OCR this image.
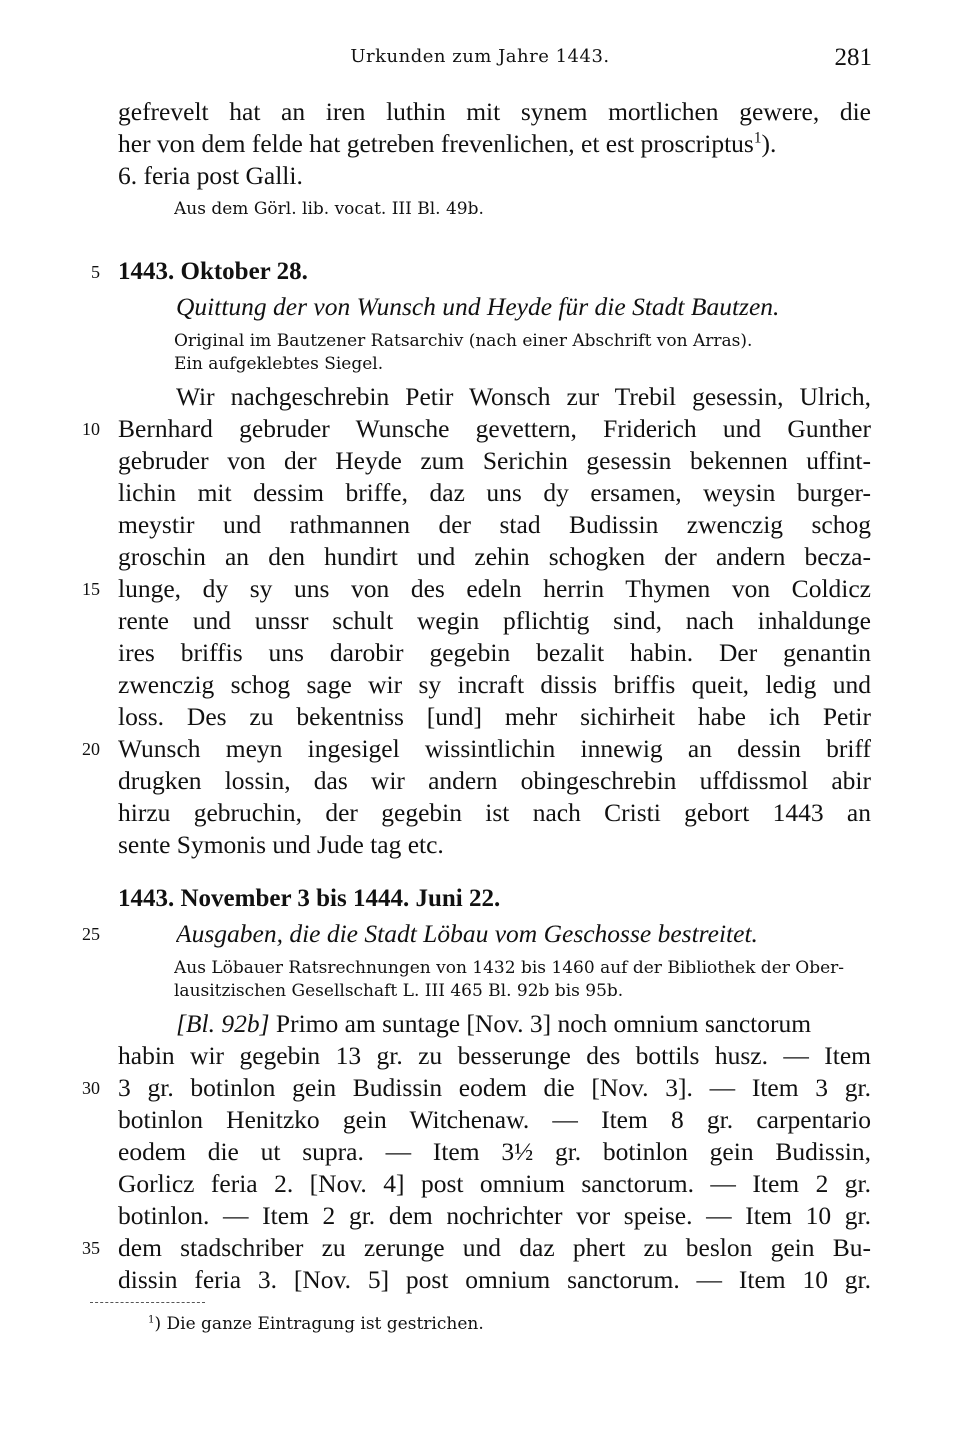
Urkunden zum Jahre 1443.	281
gefrevelt hat an iren luthin mit synem mortlichen gewere, die
her von dem felde hat getreben frevenlichen, et est proscriptus$^1$).
6. feria post Galli.
Aus dem Görl. lib. vocat. III Bl. 49b.
5 1443. Oktober 28.
Quittung der von Wunsch und Heyde für die Stadt Bautzen.
Original im Bautzener Ratsarchiv (nach einer Abschrift von Arras).
Ein aufgeklebtes Siegel.
Wir nachgeschrebin Petir Wonsch zur Trebil gesessin, Ulrich,
10 Bernhard gebruder Wunsche gevettern, Friderich und Gunther
gebruder von der Heyde zum Serichin gesessin bekennen uffint-
lichin mit dessim briffe, daz uns dy ersamen, weysin burger-
meystir und rathmannen der stad Budissin zwenczig schog
groschin an den hundirt und zehin schogken der andern becza-
15 lunge, dy sy uns von des edeln herrin Thymen von Coldicz
rente und unssr schult wegin pflichtig sind, nach inhaldunge
ires briffis uns darobir gegebin bezalit habin. Der genantin
zwenczig schog sage wir sy incraft dissis briffis queit, ledig und
loss. Des zu bekentniss [und] mehr sichirheit habe ich Petir
20 Wunsch meyn ingesigel wissintlichin innewig an dessin briff
drugken lossin, das wir andern obingeschrebin uffdissmol abir
hirzu gebruchin, der gegebin ist nach Cristi gebort 1443 an
sente Symonis und Jude tag etc.
1443. November 3 bis 1444. Juni 22.
25	Ausgaben, die die Stadt Löbau vom Geschosse bestreitet.
Aus Löbauer Ratsrechnungen von 1432 bis 1460 auf der Bibliothek der Ober-
lausitzischen Gesellschaft L. III 465 Bl. 92b bis 95b.
[Bl. 92b] Primo am suntage [Nov. 3] noch omnium sanctorum
habin wir gegebin 13 gr. zu besserunge des bottils husz. — Item
30 3 gr. botinlon gein Budissin eodem die [Nov. 3]. — Item 3 gr.
botinlon Henitzko gein Witchenaw. — Item 8 gr. carpentario
eodem die ut supra. — Item 3½ gr. botinlon gein Budissin,
Gorlicz feria 2. [Nov. 4] post omnium sanctorum. — Item 2 gr.
botinlon. — Item 2 gr. dem nochrichter vor speise. — Item 10 gr.
35 dem stadschriber zu zerunge und daz phert zu beslon gein Bu-
dissin feria 3. [Nov. 5] post omnium sanctorum. — Item 10 gr.
$^1$) Die ganze Eintragung ist gestrichen.
